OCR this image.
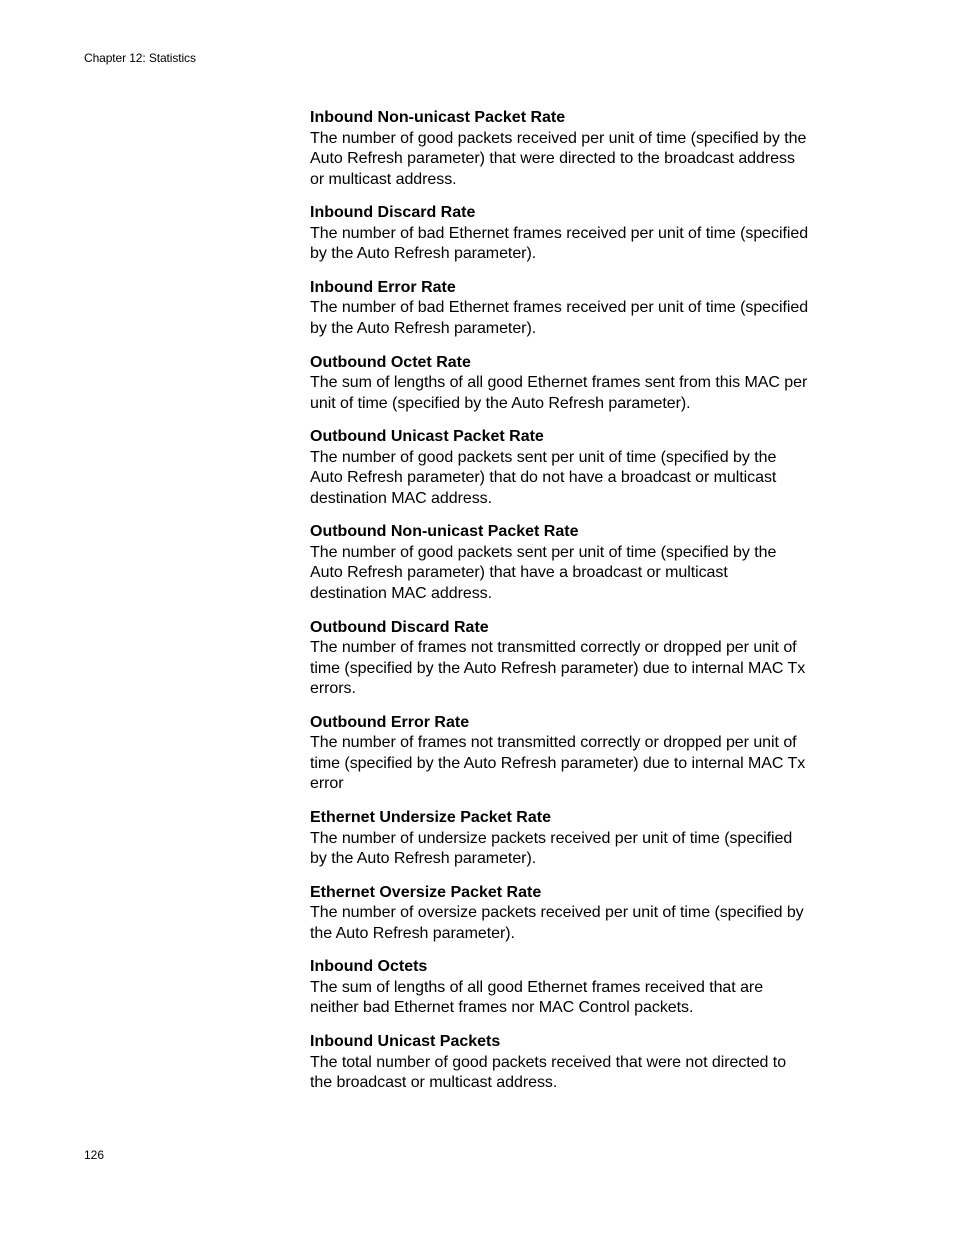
Chapter 12: Statistics
Inbound Non-unicast Packet Rate
The number of good packets received per unit of time (specified by the
Auto Refresh parameter) that were directed to the broadcast address
or multicast address.
Inbound Discard Rate
The number of bad Ethernet frames received per unit of time (specified
by the Auto Refresh parameter).
Inbound Error Rate
The number of bad Ethernet frames received per unit of time (specified
by the Auto Refresh parameter).
Outbound Octet Rate
The sum of lengths of all good Ethernet frames sent from this MAC per
unit of time (specified by the Auto Refresh parameter).
Outbound Unicast Packet Rate
The number of good packets sent per unit of time (specified by the
Auto Refresh parameter) that do not have a broadcast or multicast
destination MAC address.
Outbound Non-unicast Packet Rate
The number of good packets sent per unit of time (specified by the
Auto Refresh parameter) that have a broadcast or multicast
destination MAC address.
Outbound Discard Rate
The number of frames not transmitted correctly or dropped per unit of
time (specified by the Auto Refresh parameter) due to internal MAC Tx
errors.
Outbound Error Rate
The number of frames not transmitted correctly or dropped per unit of
time (specified by the Auto Refresh parameter) due to internal MAC Tx
error
Ethernet Undersize Packet Rate
The number of undersize packets received per unit of time (specified
by the Auto Refresh parameter).
Ethernet Oversize Packet Rate
The number of oversize packets received per unit of time (specified by
the Auto Refresh parameter).
Inbound Octets
The sum of lengths of all good Ethernet frames received that are
neither bad Ethernet frames nor MAC Control packets.
Inbound Unicast Packets
The total number of good packets received that were not directed to
the broadcast or multicast address.
126
